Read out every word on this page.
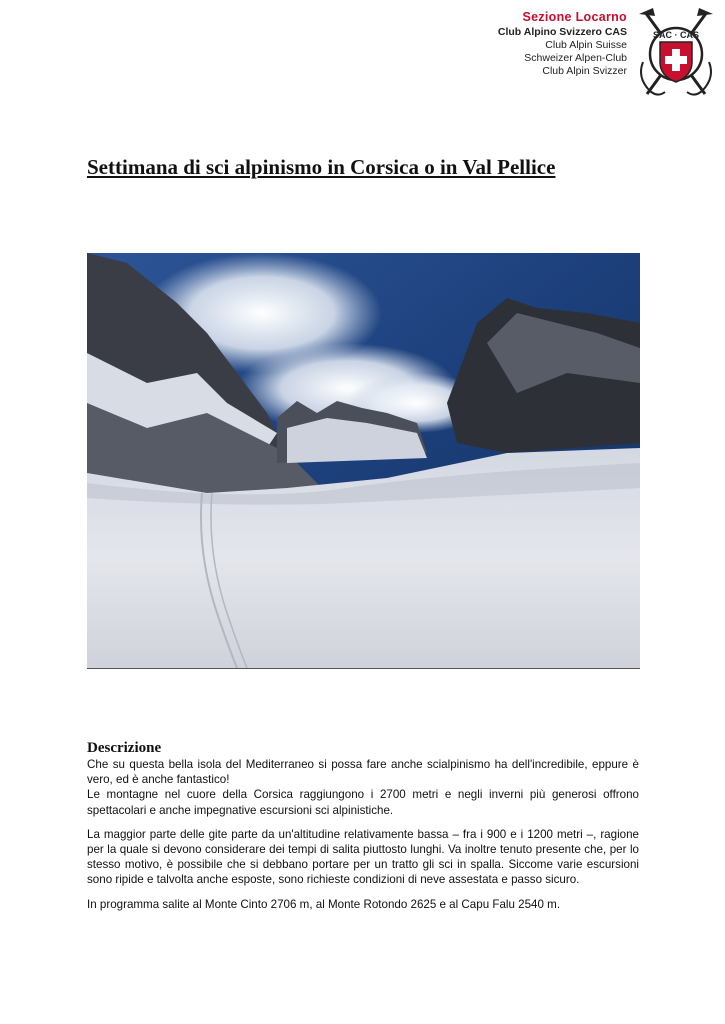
Sezione Locarno
Club Alpino Svizzero CAS
Club Alpin Suisse
Schweizer Alpen-Club
Club Alpin Svizzer
SAC · CAS
Settimana di sci alpinismo in Corsica o in Val Pellice
Descrizione

Che su questa bella isola del Mediterraneo si possa fare anche scialpinismo ha dell'incredibile, eppure è vero, ed è anche fantastico!

Le montagne nel cuore della Corsica raggiungono i 2700 metri e negli inverni più generosi offrono spettacolari e anche impegnative escursioni sci alpinistiche.

La maggior parte delle gite parte da un'altitudine relativamente bassa – fra i 900 e i 1200 metri –, ragione per la quale si devono considerare dei tempi di salita piuttosto lunghi. Va inoltre tenuto presente che, per lo stesso motivo, è possibile che si debbano portare per un tratto gli sci in spalla. Siccome varie escursioni sono ripide e talvolta anche esposte, sono richieste condizioni di neve assestata e passo sicuro.

In programma salite al Monte Cinto 2706 m, al Monte Rotondo 2625 e al Capu Falu 2540 m.
